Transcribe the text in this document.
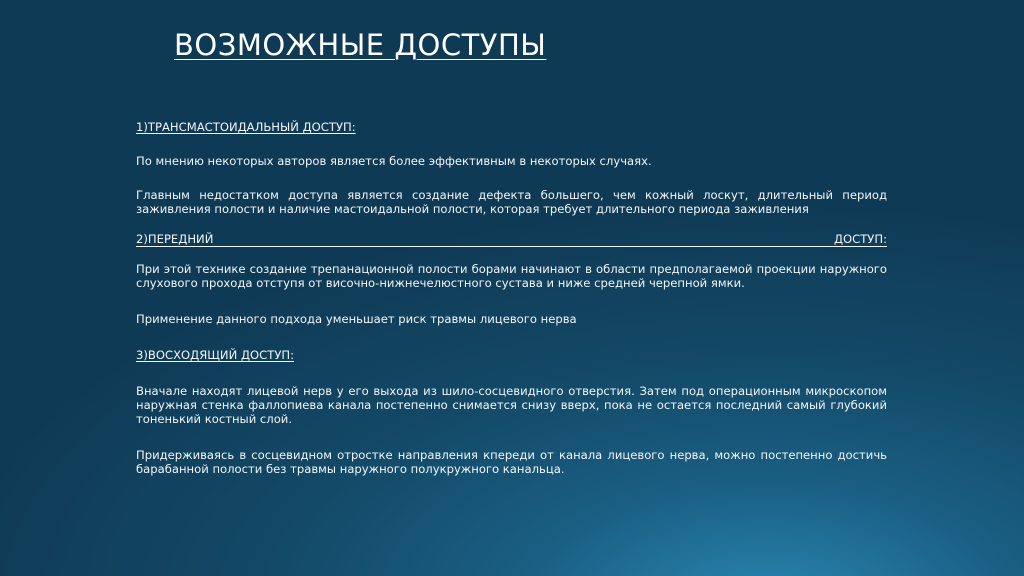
ВОЗМОЖНЫЕ ДОСТУПЫ

1)ТРАНСМАСТОИДАЛЬНЫЙ ДОСТУП:

По мнению некоторых авторов является более эффективным в некоторых случаях.

Главным недостатком доступа является создание дефекта большего, чем кожный лоскут, длительный период заживления полости и наличие мастоидальной полости, которая требует длительного периода заживления

2)ПЕРЕДНИЙ	ДОСТУП:

При этой технике создание трепанационной полости борами начинают в области предполагаемой проекции наружного слухового прохода отступя от височно-нижнечелюстного сустава и ниже средней черепной ямки.

Применение данного подхода уменьшает риск травмы лицевого нерва

3)ВОСХОДЯЩИЙ ДОСТУП:

Вначале находят лицевой нерв у его выхода из шило-сосцевидного отверстия. Затем под операционным микроскопом наружная стенка фаллопиева канала постепенно снимается снизу вверх, пока не остается последний самый глубокий тоненький костный слой.

Придерживаясь в сосцевидном отростке направления кпереди от канала лицевого нерва, можно постепенно достичь барабанной полости без травмы наружного полукружного канальца.
